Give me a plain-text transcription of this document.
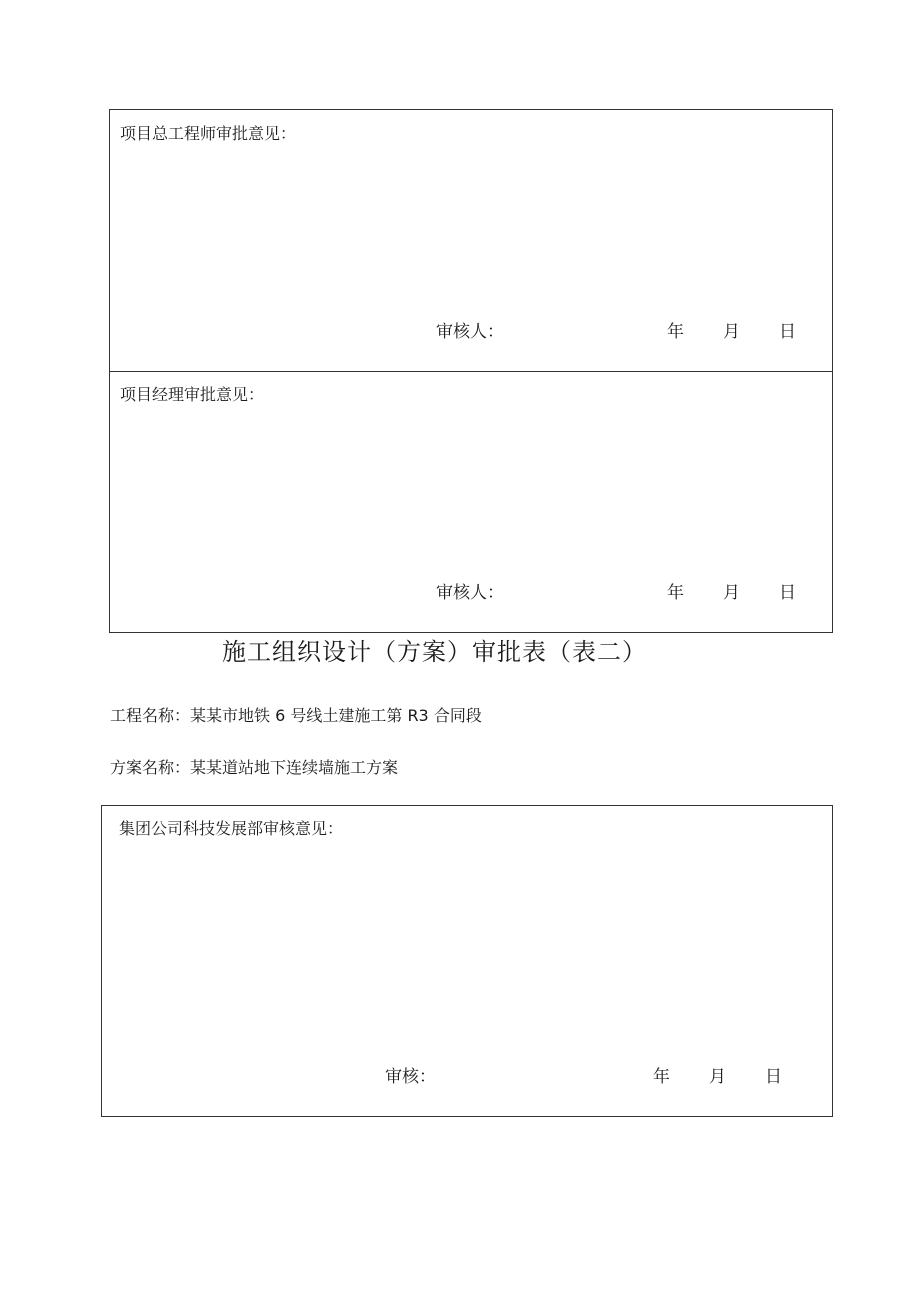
项目总工程师审批意见：
审核人：	年 月 日
项目经理审批意见：
审核人：	年 月 日
施工组织设计（方案）审批表（表二）
工程名称：某某市地铁 6 号线土建施工第 R3 合同段
方案名称：某某道站地下连续墙施工方案
集团公司科技发展部审核意见：
审核：	年 月 日
